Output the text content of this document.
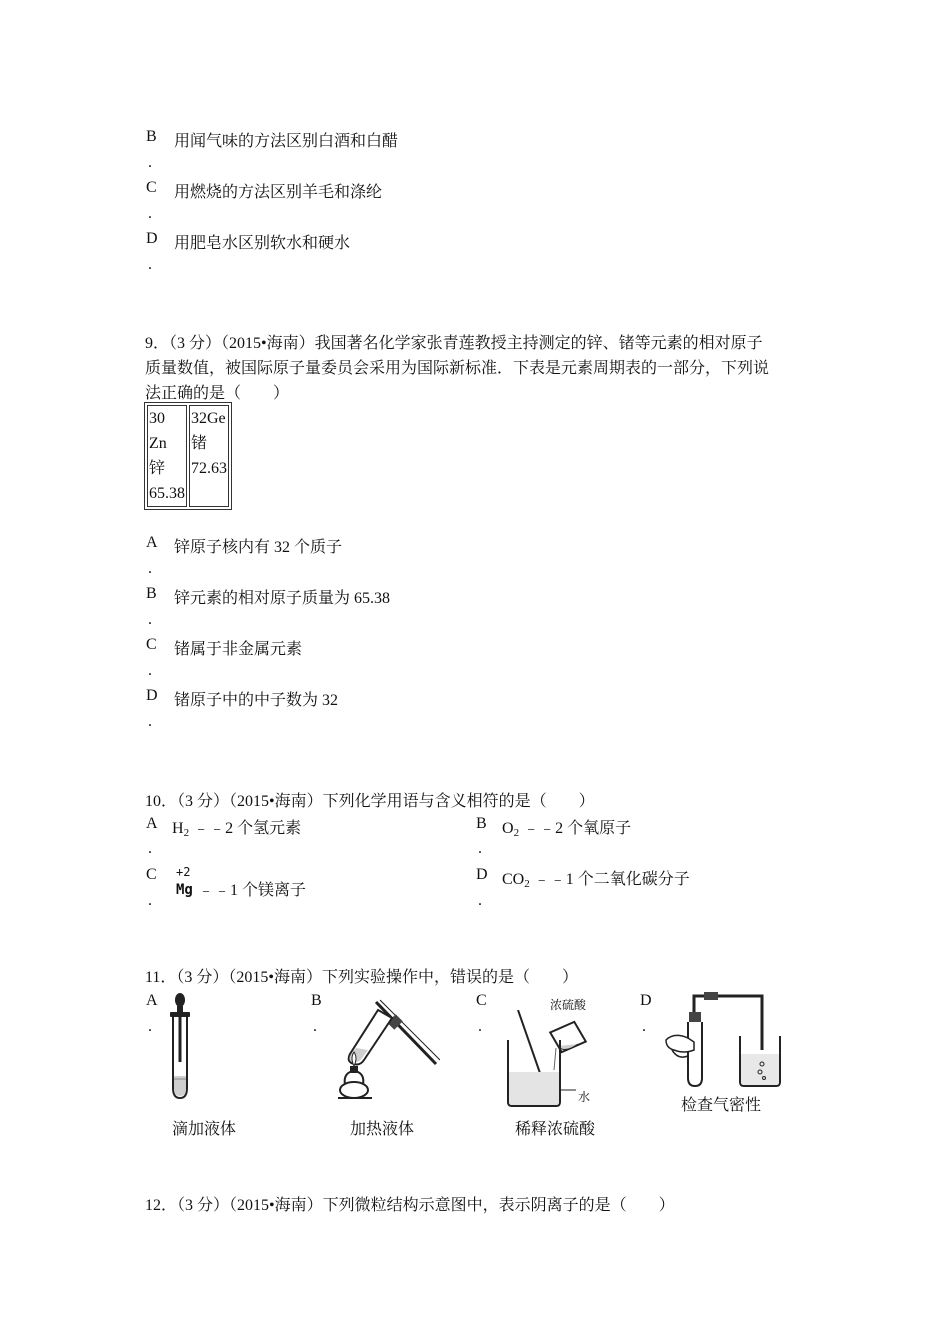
B
.
用闻气味的方法区别白酒和白醋
C
.
用燃烧的方法区别羊毛和涤纶
D
.
用肥皂水区别软水和硬水
9．（3 分）（2015•海南）我国著名化学家张青莲教授主持测定的锌、锗等元素的相对原子
质量数值，被国际原子量委员会采用为国际新标准．下表是元素周期表的一部分，下列说
法正确的是（　　）
30
Zn
锌
65.38

32Ge
锗
72.63
A
.
锌原子核内有 32 个质子
B
.
锌元素的相对原子质量为 65.38
C
.
锗属于非金属元素
D
.
锗原子中的中子数为 32
10．（3 分）（2015•海南）下列化学用语与含义相符的是（　　）
A
.
$H_2$ ﹣﹣2 个氢元素	B
.
$O_2$ ﹣﹣2 个氧原子
C
.
+2
Mg ﹣﹣1 个镁离子
D
.
$CO_2$ ﹣﹣1 个二氧化碳分子
11．（3 分）（2015•海南）下列实验操作中，错误的是（　　）
A
.
滴加液体
B
.
加热液体
C
.
浓硫酸
水
稀释浓硫酸
D
.
检查气密性
12．（3 分）（2015•海南）下列微粒结构示意图中，表示阴离子的是（　　）
